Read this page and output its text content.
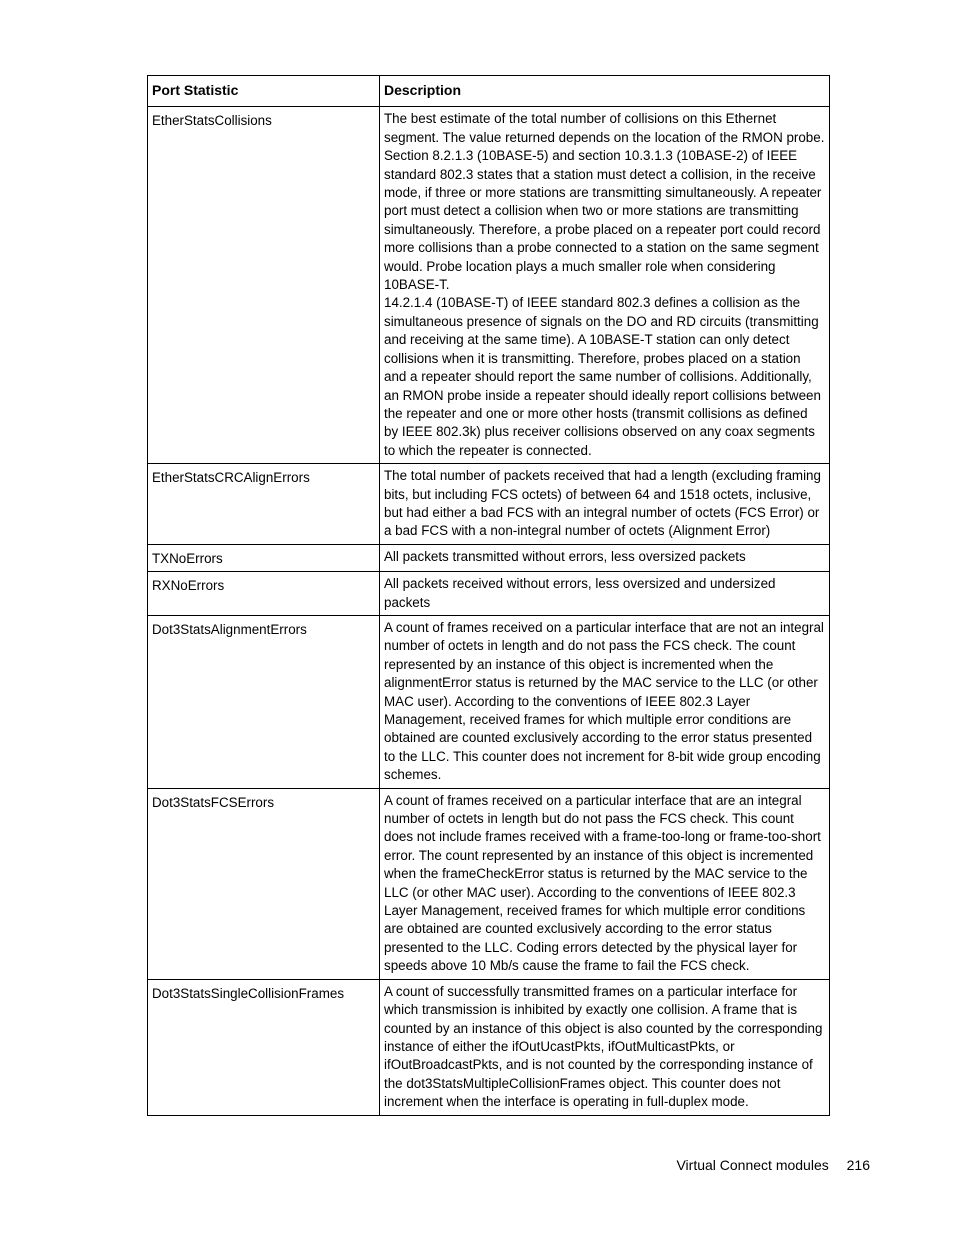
Port Statistic	Description
EtherStatsCollisions	The best estimate of the total number of collisions on this Ethernet segment. The value returned depends on the location of the RMON probe. Section 8.2.1.3 (10BASE-5) and section 10.3.1.3 (10BASE-2) of IEEE standard 802.3 states that a station must detect a collision, in the receive mode, if three or more stations are transmitting simultaneously. A repeater port must detect a collision when two or more stations are transmitting simultaneously. Therefore, a probe placed on a repeater port could record more collisions than a probe connected to a station on the same segment would. Probe location plays a much smaller role when considering 10BASE-T.
14.2.1.4 (10BASE-T) of IEEE standard 802.3 defines a collision as the simultaneous presence of signals on the DO and RD circuits (transmitting and receiving at the same time). A 10BASE-T station can only detect collisions when it is transmitting. Therefore, probes placed on a station and a repeater should report the same number of collisions. Additionally, an RMON probe inside a repeater should ideally report collisions between the repeater and one or more other hosts (transmit collisions as defined by IEEE 802.3k) plus receiver collisions observed on any coax segments to which the repeater is connected.

EtherStatsCRCAlignErrors	The total number of packets received that had a length (excluding framing bits, but including FCS octets) of between 64 and 1518 octets, inclusive, but had either a bad FCS with an integral number of octets (FCS Error) or a bad FCS with a non-integral number of octets (Alignment Error)

TXNoErrors	All packets transmitted without errors, less oversized packets

RXNoErrors	All packets received without errors, less oversized and undersized packets

Dot3StatsAlignmentErrors	A count of frames received on a particular interface that are not an integral number of octets in length and do not pass the FCS check. The count represented by an instance of this object is incremented when the alignmentError status is returned by the MAC service to the LLC (or other MAC user). According to the conventions of IEEE 802.3 Layer Management, received frames for which multiple error conditions are obtained are counted exclusively according to the error status presented to the LLC. This counter does not increment for 8-bit wide group encoding schemes.

Dot3StatsFCSErrors	A count of frames received on a particular interface that are an integral number of octets in length but do not pass the FCS check. This count does not include frames received with a frame-too-long or frame-too-short error. The count represented by an instance of this object is incremented when the frameCheckError status is returned by the MAC service to the LLC (or other MAC user). According to the conventions of IEEE 802.3 Layer Management, received frames for which multiple error conditions are obtained are counted exclusively according to the error status presented to the LLC. Coding errors detected by the physical layer for speeds above 10 Mb/s cause the frame to fail the FCS check.

Dot3StatsSingleCollisionFrames	A count of successfully transmitted frames on a particular interface for which transmission is inhibited by exactly one collision. A frame that is counted by an instance of this object is also counted by the corresponding instance of either the ifOutUcastPkts, ifOutMulticastPkts, or ifOutBroadcastPkts, and is not counted by the corresponding instance of the dot3StatsMultipleCollisionFrames object. This counter does not increment when the interface is operating in full-duplex mode.
Virtual Connect modules 216
